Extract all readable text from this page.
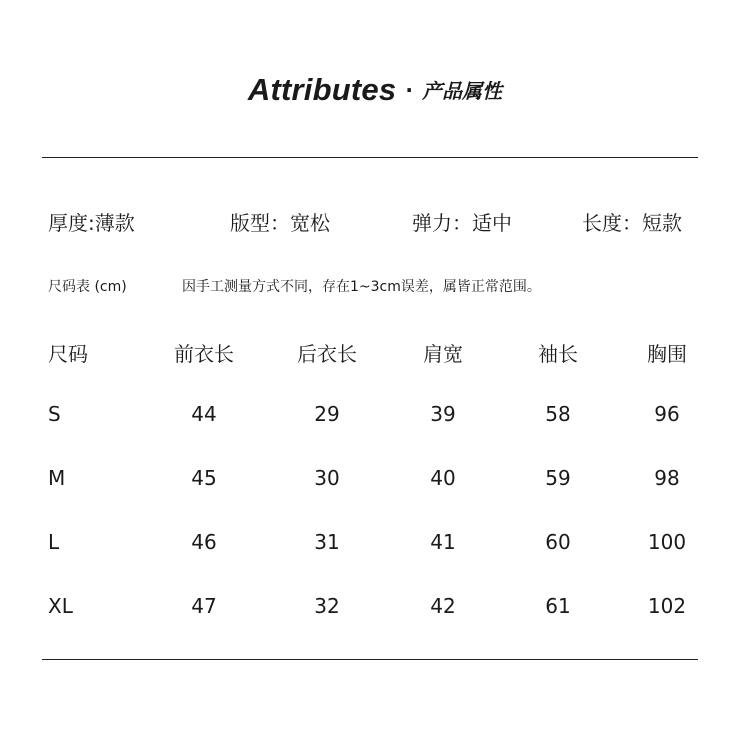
Attributes · 产品属性
厚度:薄款	版型：宽松	弹力：适中	长度：短款
尺码表 (cm)	因手工测量方式不同，存在1~3cm误差，属皆正常范围。
尺码	前衣长	后衣长	肩宽	袖长	胸围
S	44	29	39	58	96
M	45	30	40	59	98
L	46	31	41	60	100
XL	47	32	42	61	102
